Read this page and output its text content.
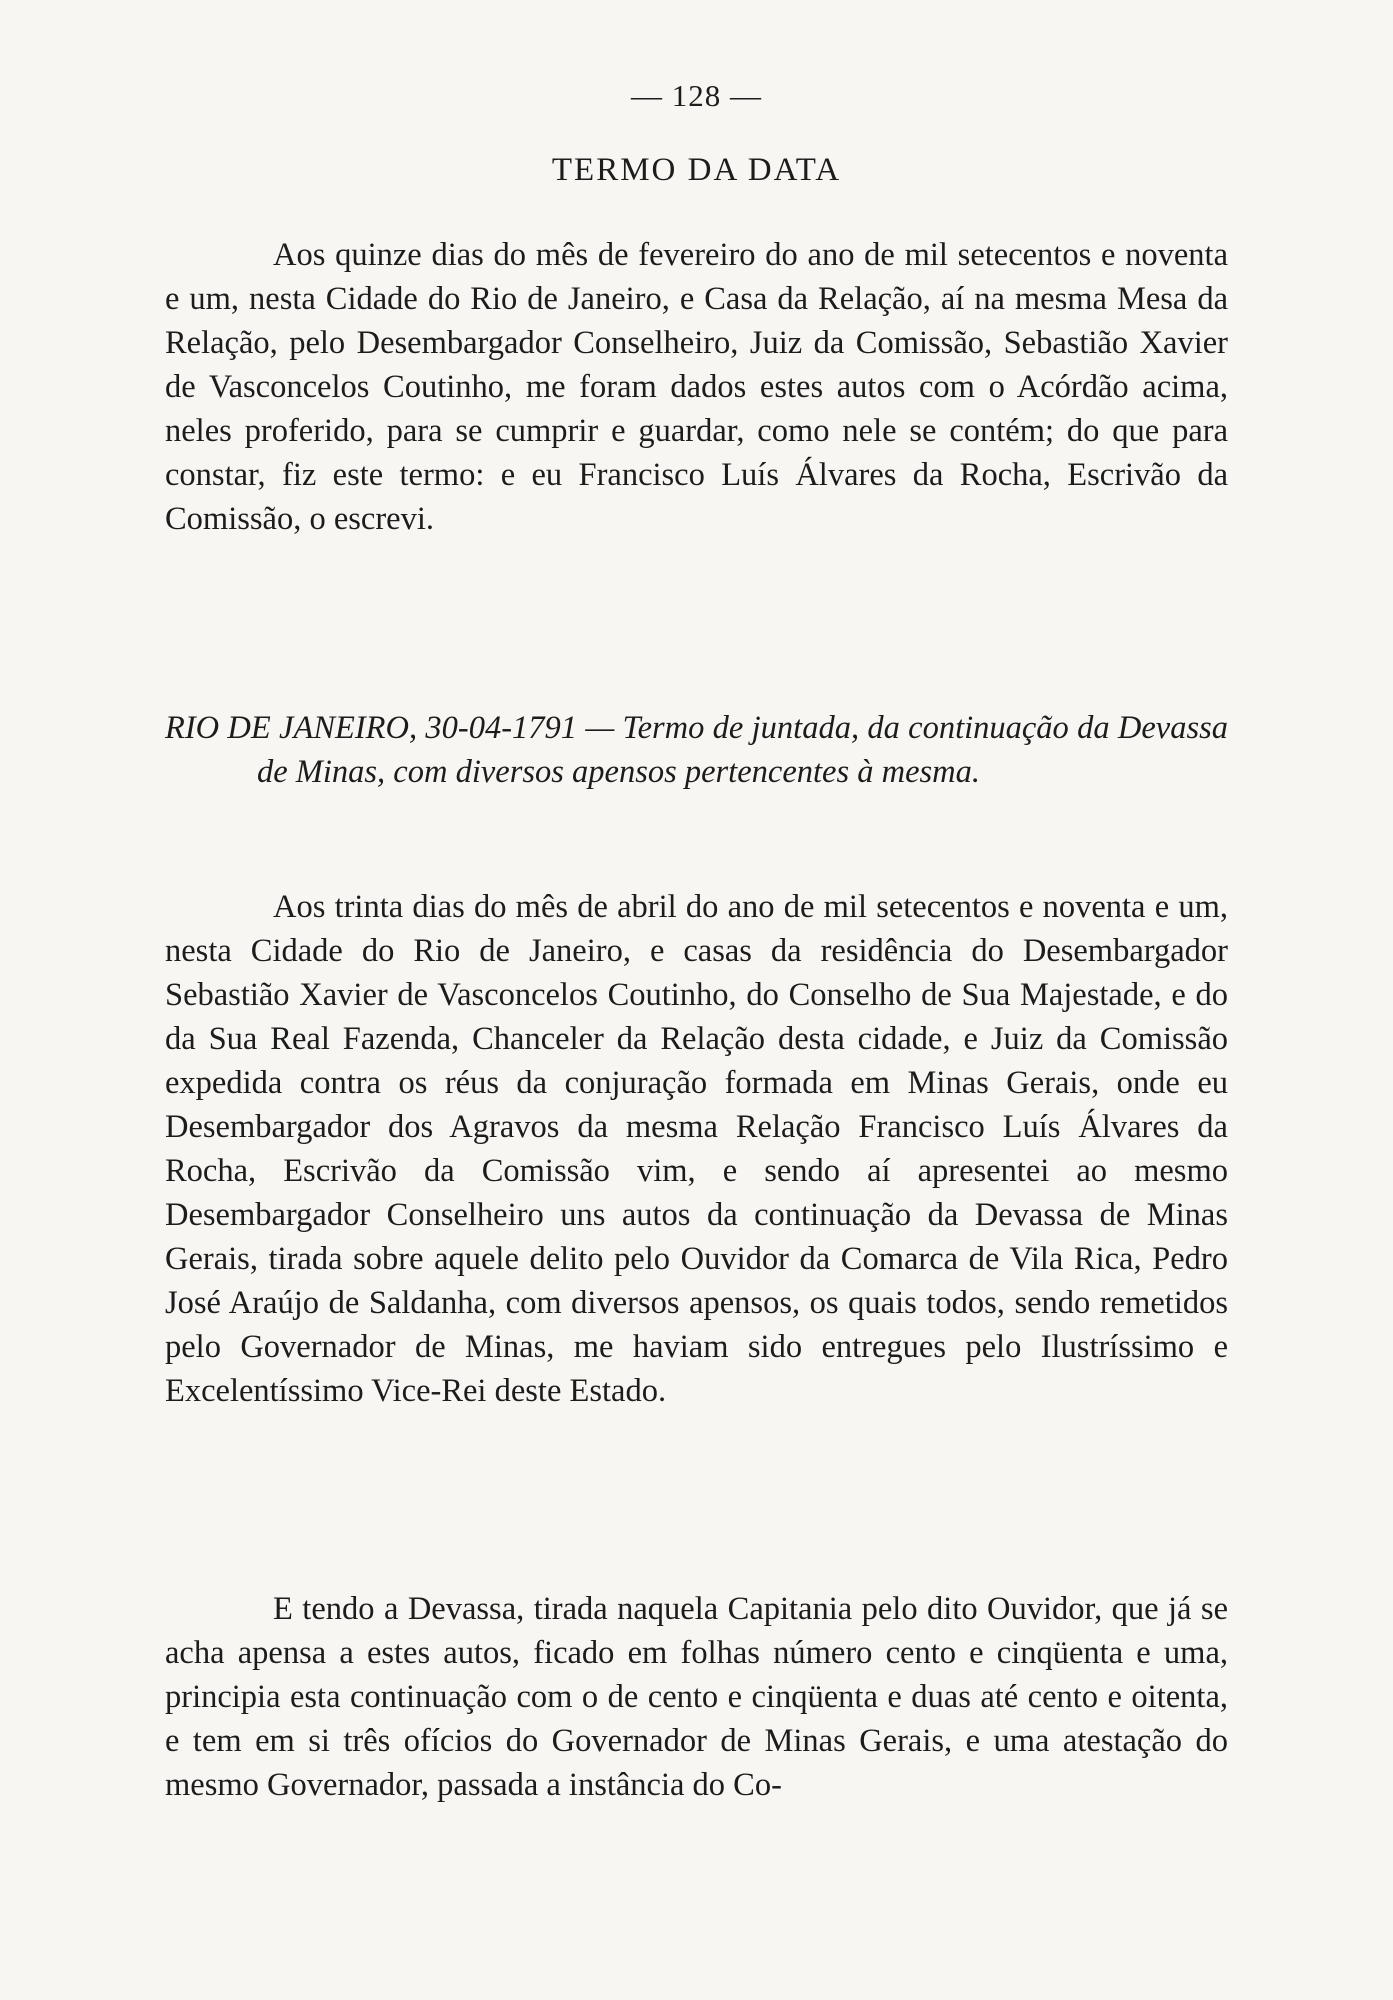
— 128 —
TERMO DA DATA

Aos quinze dias do mês de fevereiro do ano de mil setecentos e noventa e um, nesta Cidade do Rio de Janeiro, e Casa da Relação, aí na mesma Mesa da Relação, pelo Desembargador Conselheiro, Juiz da Comissão, Sebastião Xavier de Vasconcelos Coutinho, me foram dados estes autos com o Acórdão acima, neles proferido, para se cumprir e guardar, como nele se contém; do que para constar, fiz este termo: e eu Francisco Luís Álvares da Rocha, Escrivão da Comissão, o escrevi.

RIO DE JANEIRO, 30-04-1791 — Termo de juntada, da continuação da Devassa de Minas, com diversos apensos pertencentes à mesma.

Aos trinta dias do mês de abril do ano de mil setecentos e noventa e um, nesta Cidade do Rio de Janeiro, e casas da residência do Desembargador Sebastião Xavier de Vasconcelos Coutinho, do Conselho de Sua Majestade, e do da Sua Real Fazenda, Chanceler da Relação desta cidade, e Juiz da Comissão expedida contra os réus da conjuração formada em Minas Gerais, onde eu Desembargador dos Agravos da mesma Relação Francisco Luís Álvares da Rocha, Escrivão da Comissão vim, e sendo aí apresentei ao mesmo Desembargador Conselheiro uns autos da continuação da Devassa de Minas Gerais, tirada sobre aquele delito pelo Ouvidor da Comarca de Vila Rica, Pedro José Araújo de Saldanha, com diversos apensos, os quais todos, sendo remetidos pelo Governador de Minas, me haviam sido entregues pelo Ilustríssimo e Excelentíssimo Vice-Rei deste Estado.

E tendo a Devassa, tirada naquela Capitania pelo dito Ouvidor, que já se acha apensa a estes autos, ficado em folhas número cento e cinqüenta e uma, principia esta continuação com o de cento e cinqüenta e duas até cento e oitenta, e tem em si três ofícios do Governador de Minas Gerais, e uma atestação do mesmo Governador, passada a instância do Co-
